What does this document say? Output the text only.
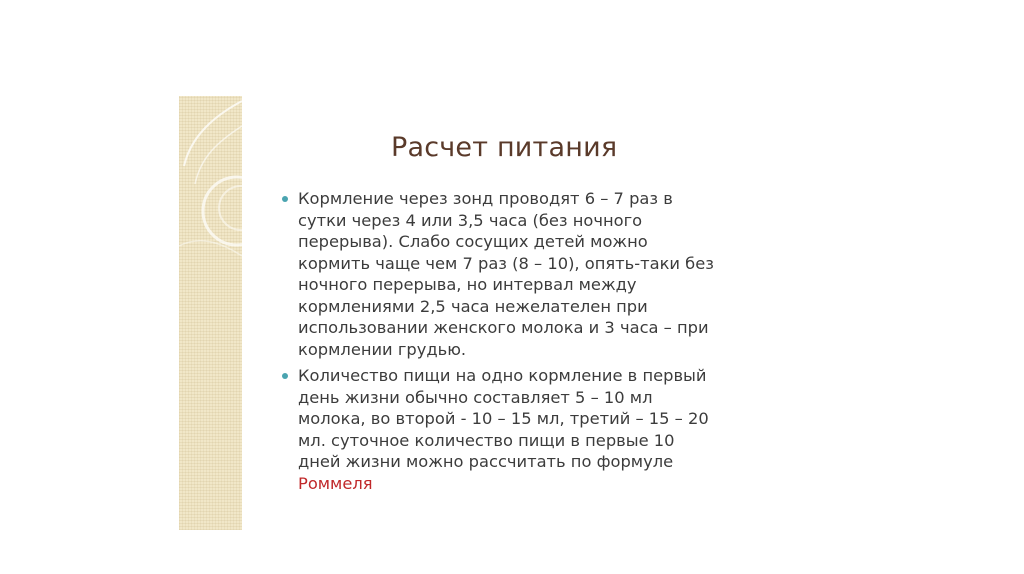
Расчет питания
Кормление через зонд проводят 6 – 7 раз в сутки через 4 или 3,5 часа (без ночного перерыва). Слабо сосущих детей можно кормить чаще чем 7 раз (8 – 10), опять-таки без ночного перерыва, но интервал между кормлениями 2,5 часа нежелателен при использовании женского молока и 3 часа – при кормлении грудью.
Количество пищи на одно кормление в первый день жизни обычно составляет 5 – 10 мл молока, во второй - 10 – 15 мл, третий – 15 – 20 мл. суточное количество пищи в первые 10 дней жизни можно рассчитать по формуле
Роммеля
